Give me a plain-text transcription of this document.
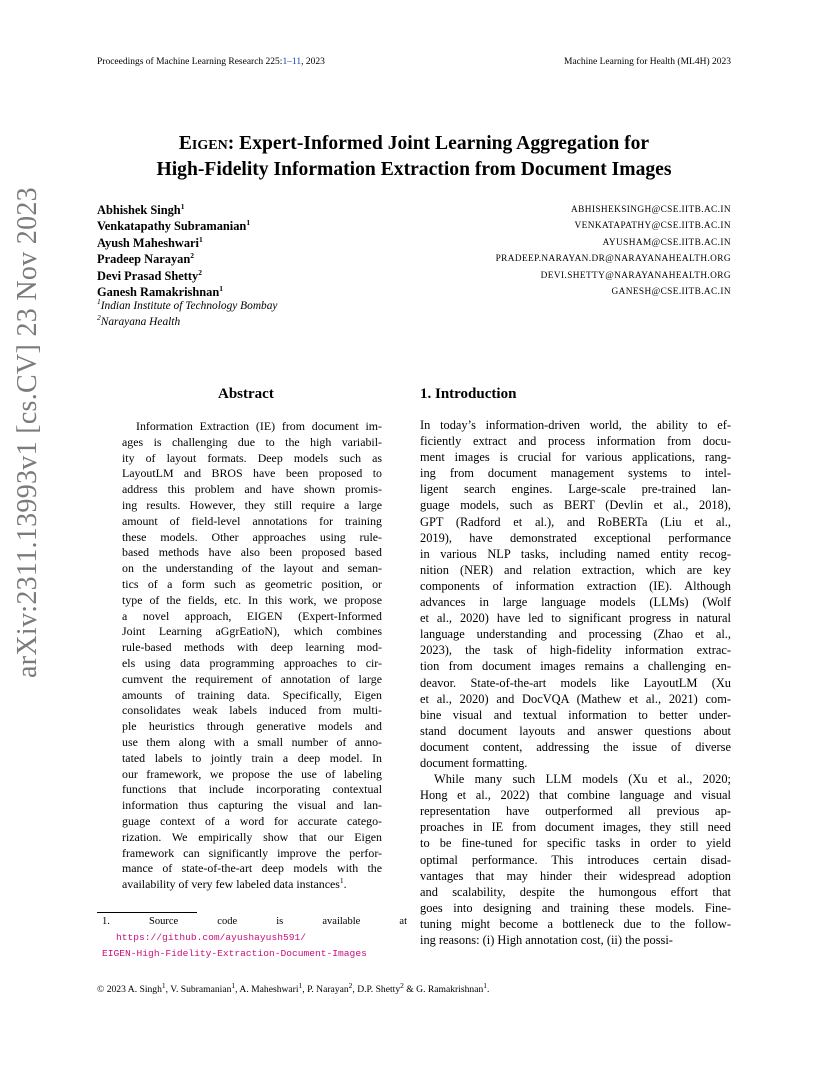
Proceedings of Machine Learning Research 225:1–11, 2023	Machine Learning for Health (ML4H) 2023
Eigen: Expert-Informed Joint Learning Aggregation for
High-Fidelity Information Extraction from Document Images
arXiv:2311.13993v1 [cs.CV] 23 Nov 2023	Abstract

Information Extraction (IE) from document im-

ages is challenging due to the high variabil-

ity of layout formats. Deep models such as

LayoutLM and BROS have been proposed to

address this problem and have shown promis-

ing results. However, they still require a large

amount of field-level annotations for training

these models. Other approaches using rule-

based methods have also been proposed based

on the understanding of the layout and seman-

tics of a form such as geometric position, or

type of the fields, etc. In this work, we propose

a novel approach, EIGEN (Expert-Informed

Joint Learning aGgrEatioN), which combines

rule-based methods with deep learning mod-

els using data programming approaches to cir-

cumvent the requirement of annotation of large

amounts of training data. Specifically, Eigen

consolidates weak labels induced from multi-

ple heuristics through generative models and

use them along with a small number of anno-

tated labels to jointly train a deep model. In

our framework, we propose the use of labeling

functions that include incorporating contextual

information thus capturing the visual and lan-

guage context of a word for accurate catego-

rization. We empirically show that our Eigen

framework can significantly improve the perfor-

mance of state-of-the-art deep models with the

availability of very few labeled data instances$^1$.

1. Introduction

In today’s information-driven world, the ability to ef-

ficiently extract and process information from docu-

ment images is crucial for various applications, rang-

ing from document management systems to intel-

ligent search engines. Large-scale pre-trained lan-

guage models, such as BERT (Devlin et al., 2018),

GPT (Radford et al.), and RoBERTa (Liu et al.,

2019), have demonstrated exceptional performance

in various NLP tasks, including named entity recog-

nition (NER) and relation extraction, which are key

components of information extraction (IE). Although

advances in large language models (LLMs) (Wolf

et al., 2020) have led to significant progress in natural

language understanding and processing (Zhao et al.,

2023), the task of high-fidelity information extrac-

tion from document images remains a challenging en-

deavor. State-of-the-art models like LayoutLM (Xu

et al., 2020) and DocVQA (Mathew et al., 2021) com-

bine visual and textual information to better under-

stand document layouts and answer questions about

document content, addressing the issue of diverse

document formatting.

While many such LLM models (Xu et al., 2020;

Hong et al., 2022) that combine language and visual

representation have outperformed all previous ap-

proaches in IE from document images, they still need

to be fine-tuned for specific tasks in order to yield

optimal performance. This introduces certain disad-

vantages that may hinder their widespread adoption

and scalability, despite the humongous effort that

goes into designing and training these models. Fine-

tuning might become a bottleneck due to the follow-

ing reasons: (i) High annotation cost, (ii) the possi-

1.	Source	code	is	available	at
https://github.com/ayushayush591/
EIGEN-High-Fidelity-Extraction-Document-Images
© 2023 A. Singh$^1$, V. Subramanian$^1$, A. Maheshwari$^1$, P. Narayan$^2$, D.P. Shetty$^2$ & G. Ramakrishnan$^1$.
Abhishek Singh$^1$	ABHISHEKSINGH@CSE.IITB.AC.IN
Venkatapathy Subramanian$^1$	VENKATAPATHY@CSE.IITB.AC.IN
Ayush Maheshwari$^1$	AYUSHAM@CSE.IITB.AC.IN
Pradeep Narayan$^2$	PRADEEP.NARAYAN.DR@NARAYANAHEALTH.ORG
Devi Prasad Shetty$^2$	DEVI.SHETTY@NARAYANAHEALTH.ORG
Ganesh Ramakrishnan$^1$	GANESH@CSE.IITB.AC.IN
$^1$Indian Institute of Technology Bombay
$^2$Narayana Health
